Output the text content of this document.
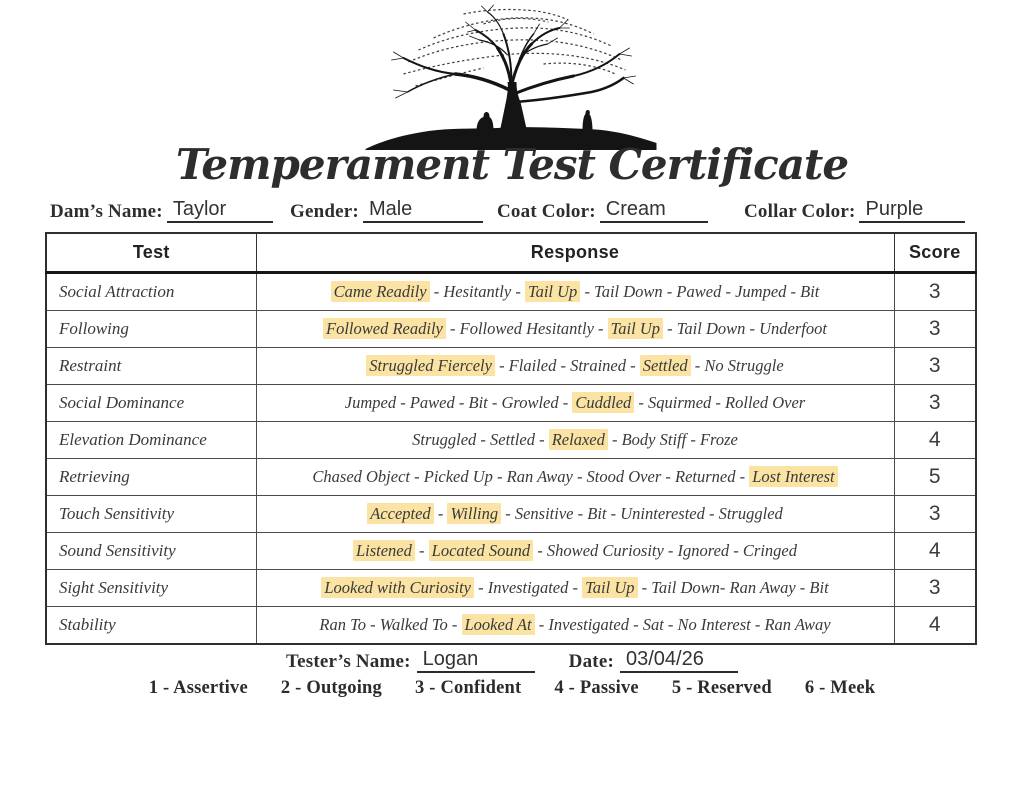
Temperament Test Certificate
Dam’s Name: Taylor	Gender: Male	Coat Color: Cream	Collar Color: Purple
Test	Response	Score
Social Attraction	Came Readily - Hesitantly - Tail Up - Tail Down - Pawed - Jumped - Bit	3
Following	Followed Readily - Followed Hesitantly - Tail Up - Tail Down - Underfoot	3
Restraint	Struggled Fiercely - Flailed - Strained - Settled - No Struggle	3
Social Dominance	Jumped - Pawed - Bit - Growled - Cuddled - Squirmed - Rolled Over	3
Elevation Dominance	Struggled - Settled - Relaxed - Body Stiff - Froze	4
Retrieving	Chased Object - Picked Up - Ran Away - Stood Over - Returned - Lost Interest	5
Touch Sensitivity	Accepted - Willing - Sensitive - Bit - Uninterested - Struggled	3
Sound Sensitivity	Listened - Located Sound - Showed Curiosity - Ignored - Cringed	4
Sight Sensitivity	Looked with Curiosity - Investigated - Tail Up - Tail Down- Ran Away - Bit	3
Stability	Ran To - Walked To - Looked At - Investigated - Sat - No Interest - Ran Away	4
Tester’s Name: Logan	Date: 03/04/26
1 - Assertive 2 - Outgoing 3 - Confident 4 - Passive 5 - Reserved 6 - Meek
